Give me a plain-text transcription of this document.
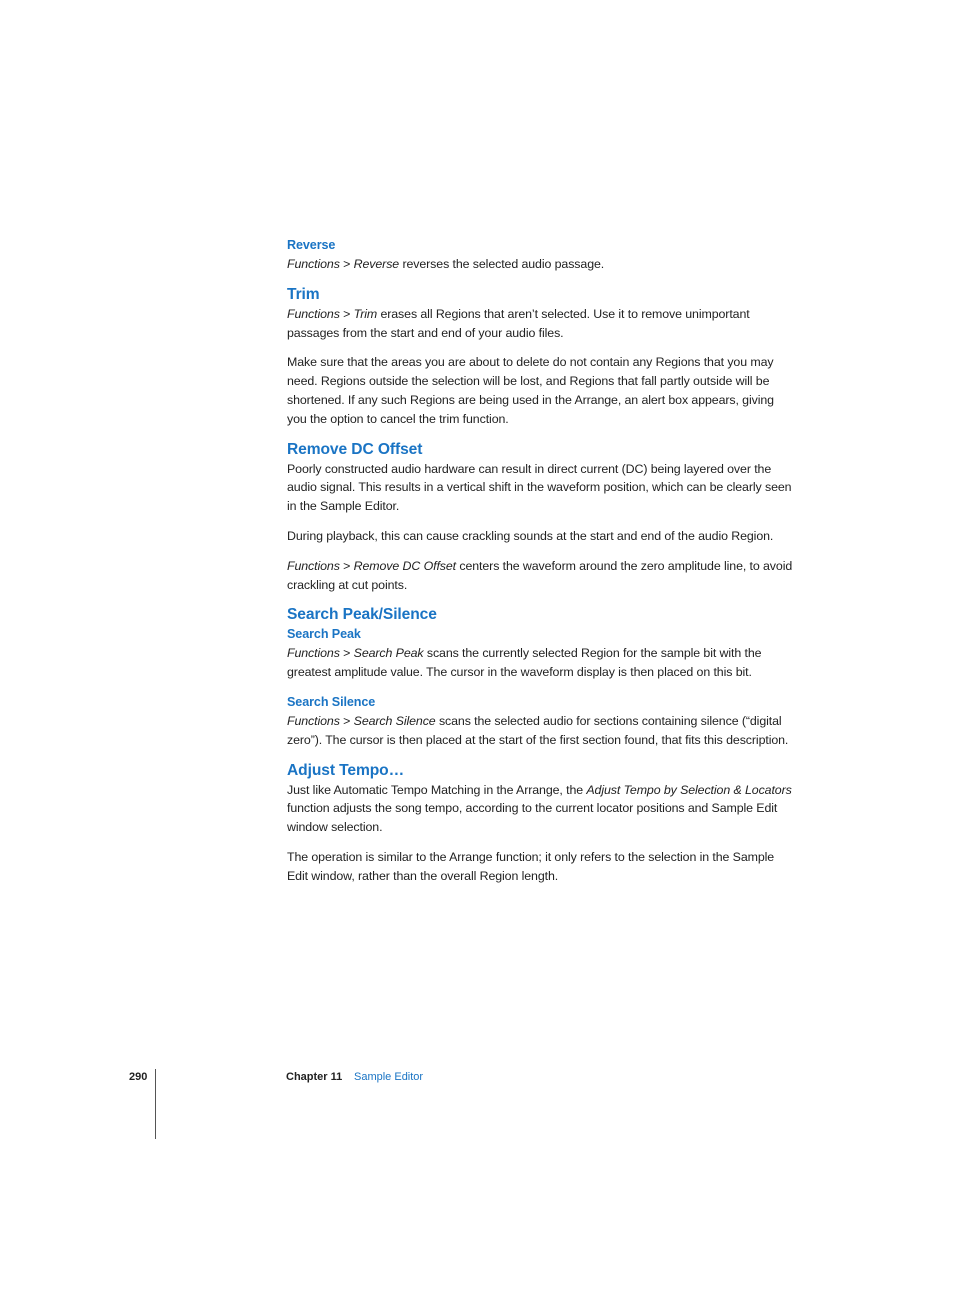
Reverse

Functions > Reverse reverses the selected audio passage.

Trim

Functions > Trim erases all Regions that aren’t selected. Use it to remove unimportant passages from the start and end of your audio files.

Make sure that the areas you are about to delete do not contain any Regions that you may need. Regions outside the selection will be lost, and Regions that fall partly outside will be shortened. If any such Regions are being used in the Arrange, an alert box appears, giving you the option to cancel the trim function.

Remove DC Offset

Poorly constructed audio hardware can result in direct current (DC) being layered over the audio signal. This results in a vertical shift in the waveform position, which can be clearly seen in the Sample Editor.

During playback, this can cause crackling sounds at the start and end of the audio Region.

Functions > Remove DC Offset centers the waveform around the zero amplitude line, to avoid crackling at cut points.

Search Peak/Silence
Search Peak

Functions > Search Peak scans the currently selected Region for the sample bit with the greatest amplitude value. The cursor in the waveform display is then placed on this bit.

Search Silence

Functions > Search Silence scans the selected audio for sections containing silence (“digital zero”). The cursor is then placed at the start of the first section found, that fits this description.

Adjust Tempo…

Just like Automatic Tempo Matching in the Arrange, the Adjust Tempo by Selection & Locators function adjusts the song tempo, according to the current locator positions and Sample Edit window selection.

The operation is similar to the Arrange function; it only refers to the selection in the Sample Edit window, rather than the overall Region length.

290	Chapter 11 Sample Editor
